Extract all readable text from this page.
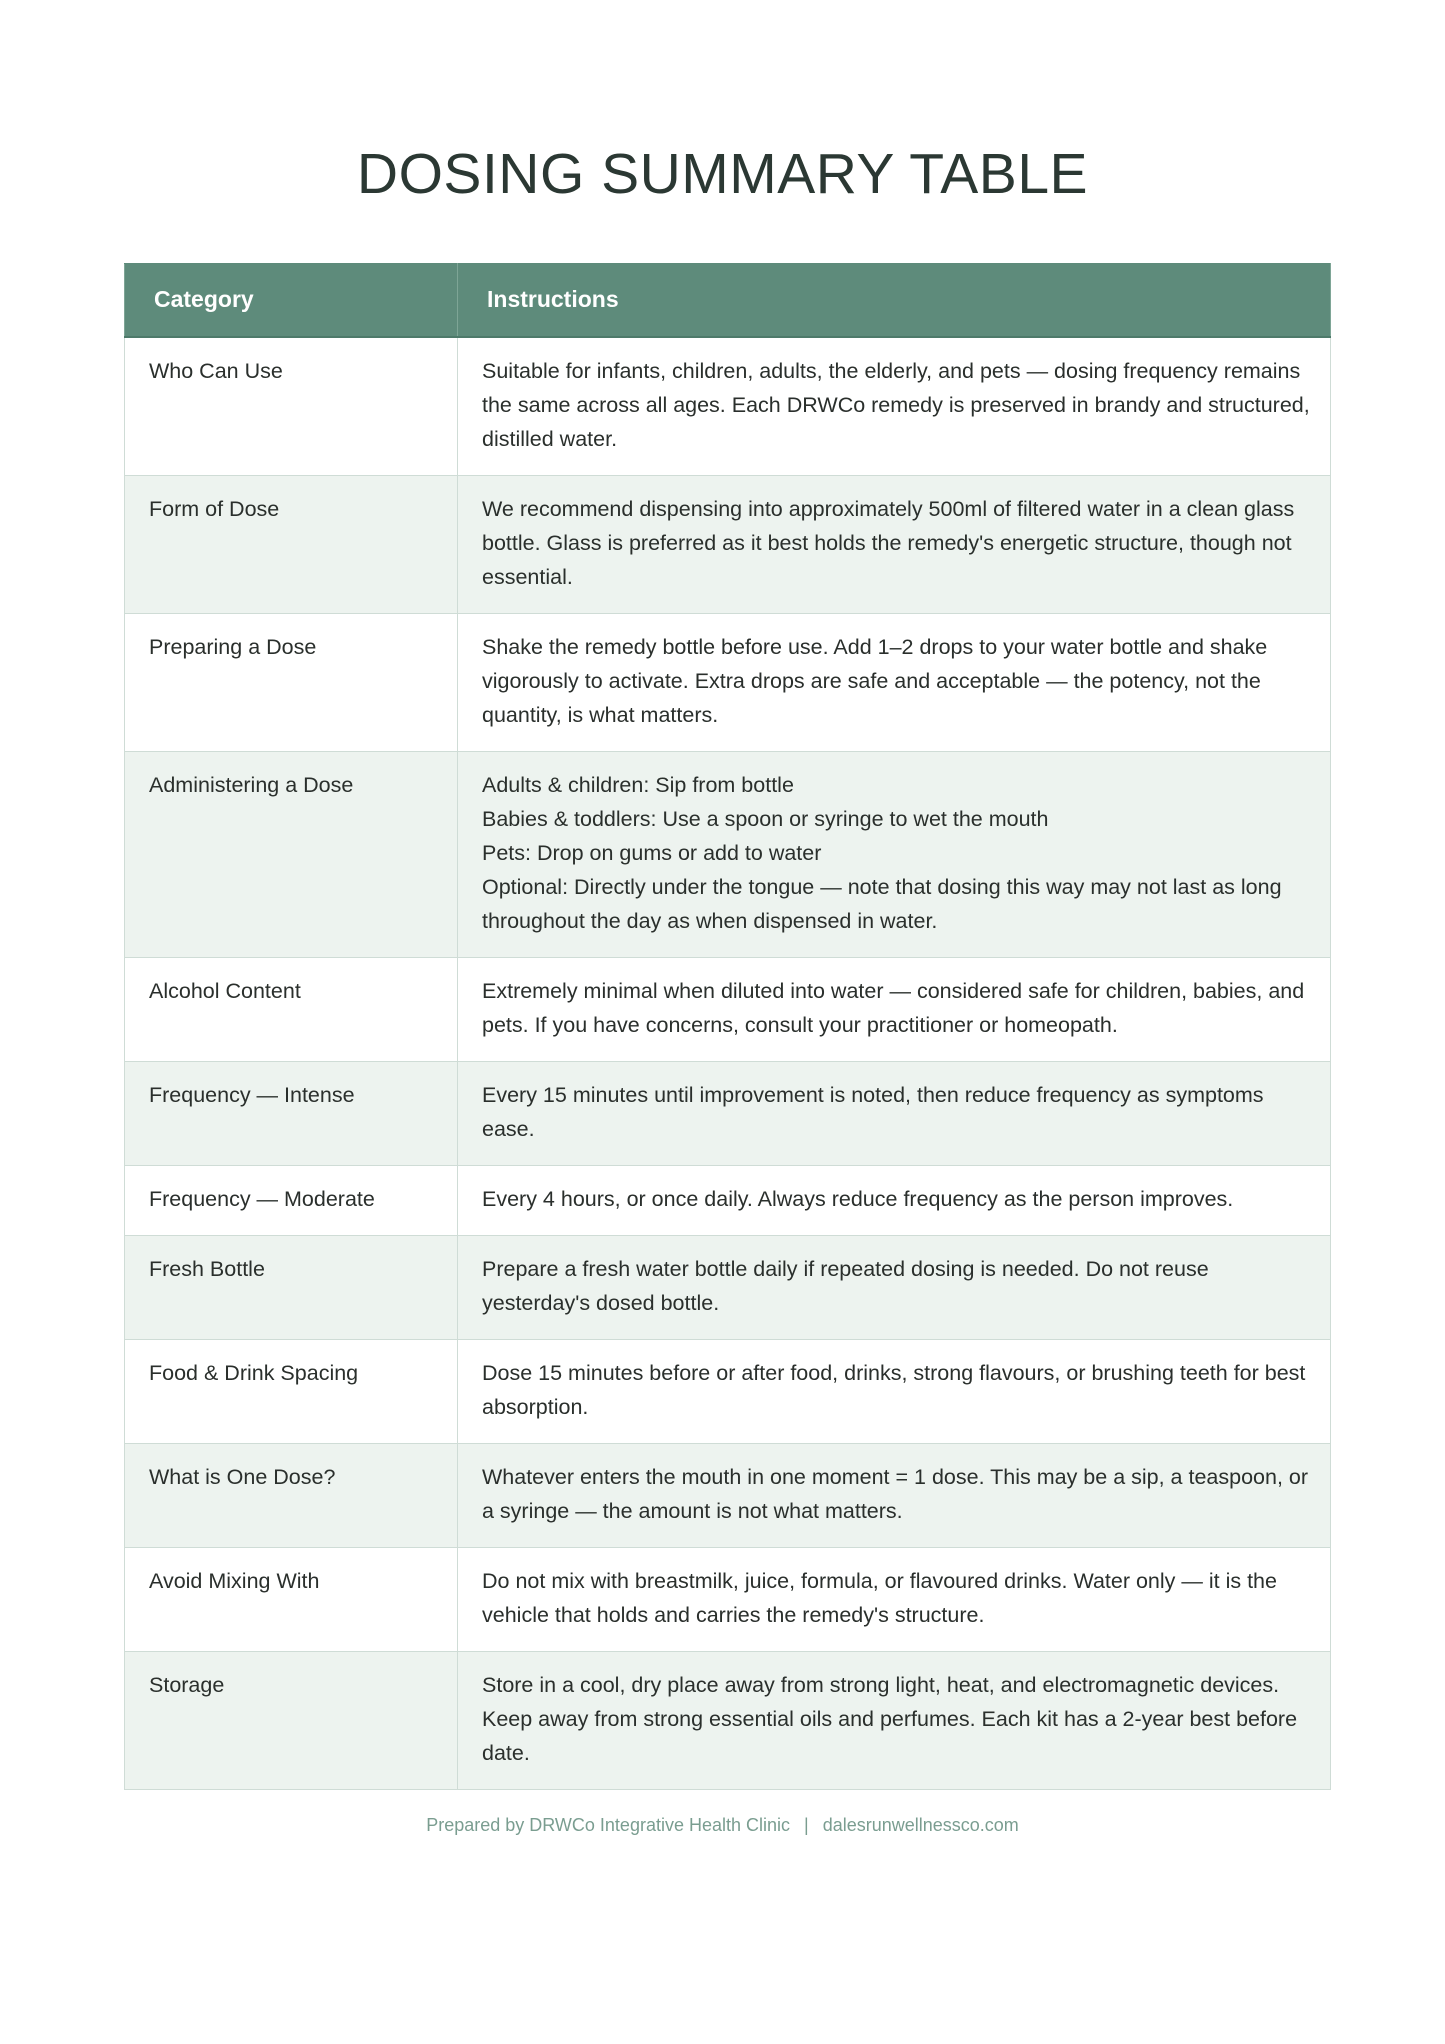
DOSING SUMMARY TABLE
Category	Instructions
Who Can Use	Suitable for infants, children, adults, the elderly, and pets — dosing frequency remains the same across all ages. Each DRWCo remedy is preserved in brandy and structured, distilled water.

Form of Dose	We recommend dispensing into approximately 500ml of filtered water in a clean glass bottle. Glass is preferred as it best holds the remedy's energetic structure, though not essential.

Preparing a Dose	Shake the remedy bottle before use. Add 1–2 drops to your water bottle and shake vigorously to activate. Extra drops are safe and acceptable — the potency, not the quantity, is what matters.

Administering a Dose	Adults & children: Sip from bottle
Babies & toddlers: Use a spoon or syringe to wet the mouth
Pets: Drop on gums or add to water
Optional: Directly under the tongue — note that dosing this way may not last as long throughout the day as when dispensed in water.

Alcohol Content	Extremely minimal when diluted into water — considered safe for children, babies, and pets. If you have concerns, consult your practitioner or homeopath.

Frequency — Intense	Every 15 minutes until improvement is noted, then reduce frequency as symptoms ease.

Frequency — Moderate	Every 4 hours, or once daily. Always reduce frequency as the person improves.

Fresh Bottle	Prepare a fresh water bottle daily if repeated dosing is needed. Do not reuse yesterday's dosed bottle.

Food & Drink Spacing	Dose 15 minutes before or after food, drinks, strong flavours, or brushing teeth for best absorption.

What is One Dose?	Whatever enters the mouth in one moment = 1 dose. This may be a sip, a teaspoon, or a syringe — the amount is not what matters.

Avoid Mixing With	Do not mix with breastmilk, juice, formula, or flavoured drinks. Water only — it is the vehicle that holds and carries the remedy's structure.

Storage	Store in a cool, dry place away from strong light, heat, and electromagnetic devices. Keep away from strong essential oils and perfumes. Each kit has a 2-year best before date.
Prepared by DRWCo Integrative Health Clinic | dalesrunwellnessco.com
